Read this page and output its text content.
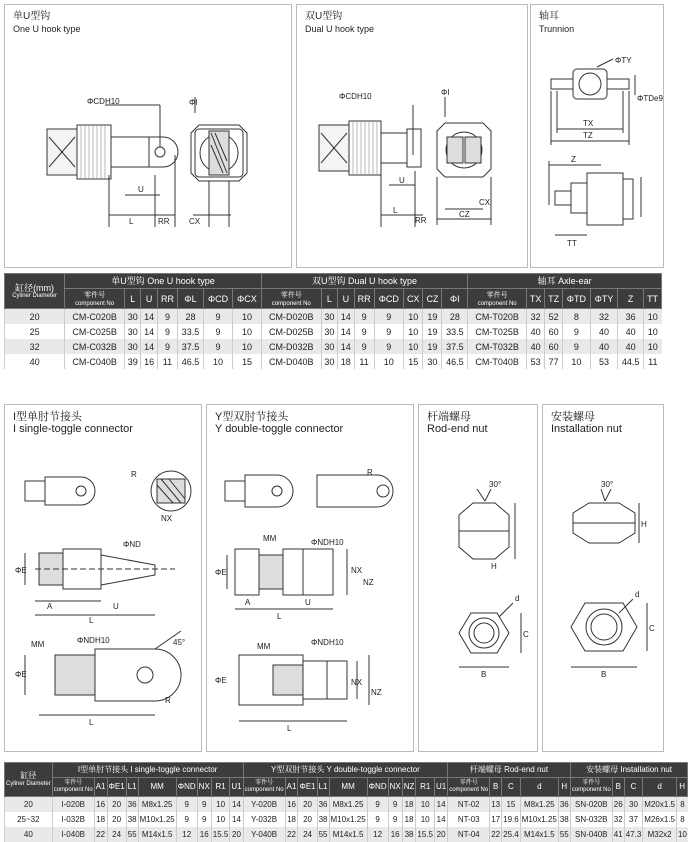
单U型钩
One U hook type
ΦCDH10	ΦI
U
L	RR CX
双U型钩
Dual U hook type
ΦCDH10	ΦI
U
L
RR
CZ
CX
轴耳
Trunnion
ΦTY
TX
TZ
ΦTDe9
Z
TT
缸径(mm)
Cyliner Diameter	单U型钩 One U hook type							双U型钩 Dual U hook type								轴耳 Axle-ear						
	零件号
component No	L	U	RR	ΦL	ΦCD	ΦCX	零件号
component No	L	U	RR	ΦCD	CX	CZ	ΦI	零件号
component No	TX	TZ	ΦTD	ΦTY	Z	TT
20	CM-C020B	30	14	9	28	9	10	CM-D020B	30	14	9	9	10	19	28	CM-T020B	32	52	8	32	36	10
25	CM-C025B	30	14	9	33.5	9	10	CM-D025B	30	14	9	9	10	19	33.5	CM-T025B	40	60	9	40	40	10
32	CM-C032B	30	14	9	37.5	9	10	CM-D032B	30	14	9	9	10	19	37.5	CM-T032B	40	60	9	40	40	10
40	CM-C040B	39	16	11	46.5	10	15	CM-D040B	30	18	11	10	15	30	46.5	CM-T040B	53	77	10	53	44.5	11
I型单肘节接头
I single-toggle connector
R
NX
ΦND
ΦE
A	U
L
MM	ΦNDH10	45°
ΦE
R
L
Y型双肘节接头
Y double-toggle connector
R
MM	ΦNDH10
ΦE
A	U
L
NX
NZ
MM	ΦNDH10
ΦE	NX
NZ
L
杆端螺母
Rod-end nut
30°
H
d
C
B
安装螺母
Installation nut
30°
H
d
C
B
缸径
Cyliner Diameter	I型单肘节接头 I single-toggle connector									Y型双肘节接头 Y double-toggle connector										杆端螺母 Rod-end nut					安装螺母 Installation nut				

	零件号
component No	A1	ΦE1	L1	MM	ΦND	NX	R1	U1	零件号
component No	A1	ΦE1	L1	MM	ΦND	NX	NZ	R1	U1	零件号
component No	B	C	d	H	零件号
component No	B	C	d	H
20	I-020B	16	20	36	M8x1.25	9	9	10	14	Y-020B	16	20	36	M8x1.25	9	9	18	10	14	NT-02	13	15	M8x1.25	36	SN-020B	26	30	M20x1.5	8
25~32	I-032B	18	20	38	M10x1.25	9	9	10	14	Y-032B	18	20	38	M10x1.25	9	9	18	10	14	NT-03	17	19.6	M10x1.25	38	SN-032B	32	37	M26x1.5	8
40	I-040B	22	24	55	M14x1.5	12	16	15.5	20	Y-040B	22	24	55	M14x1.5	12	16	38	15.5	20	NT-04	22	25.4	M14x1.5	55	SN-040B	41	47.3	M32x2	10
